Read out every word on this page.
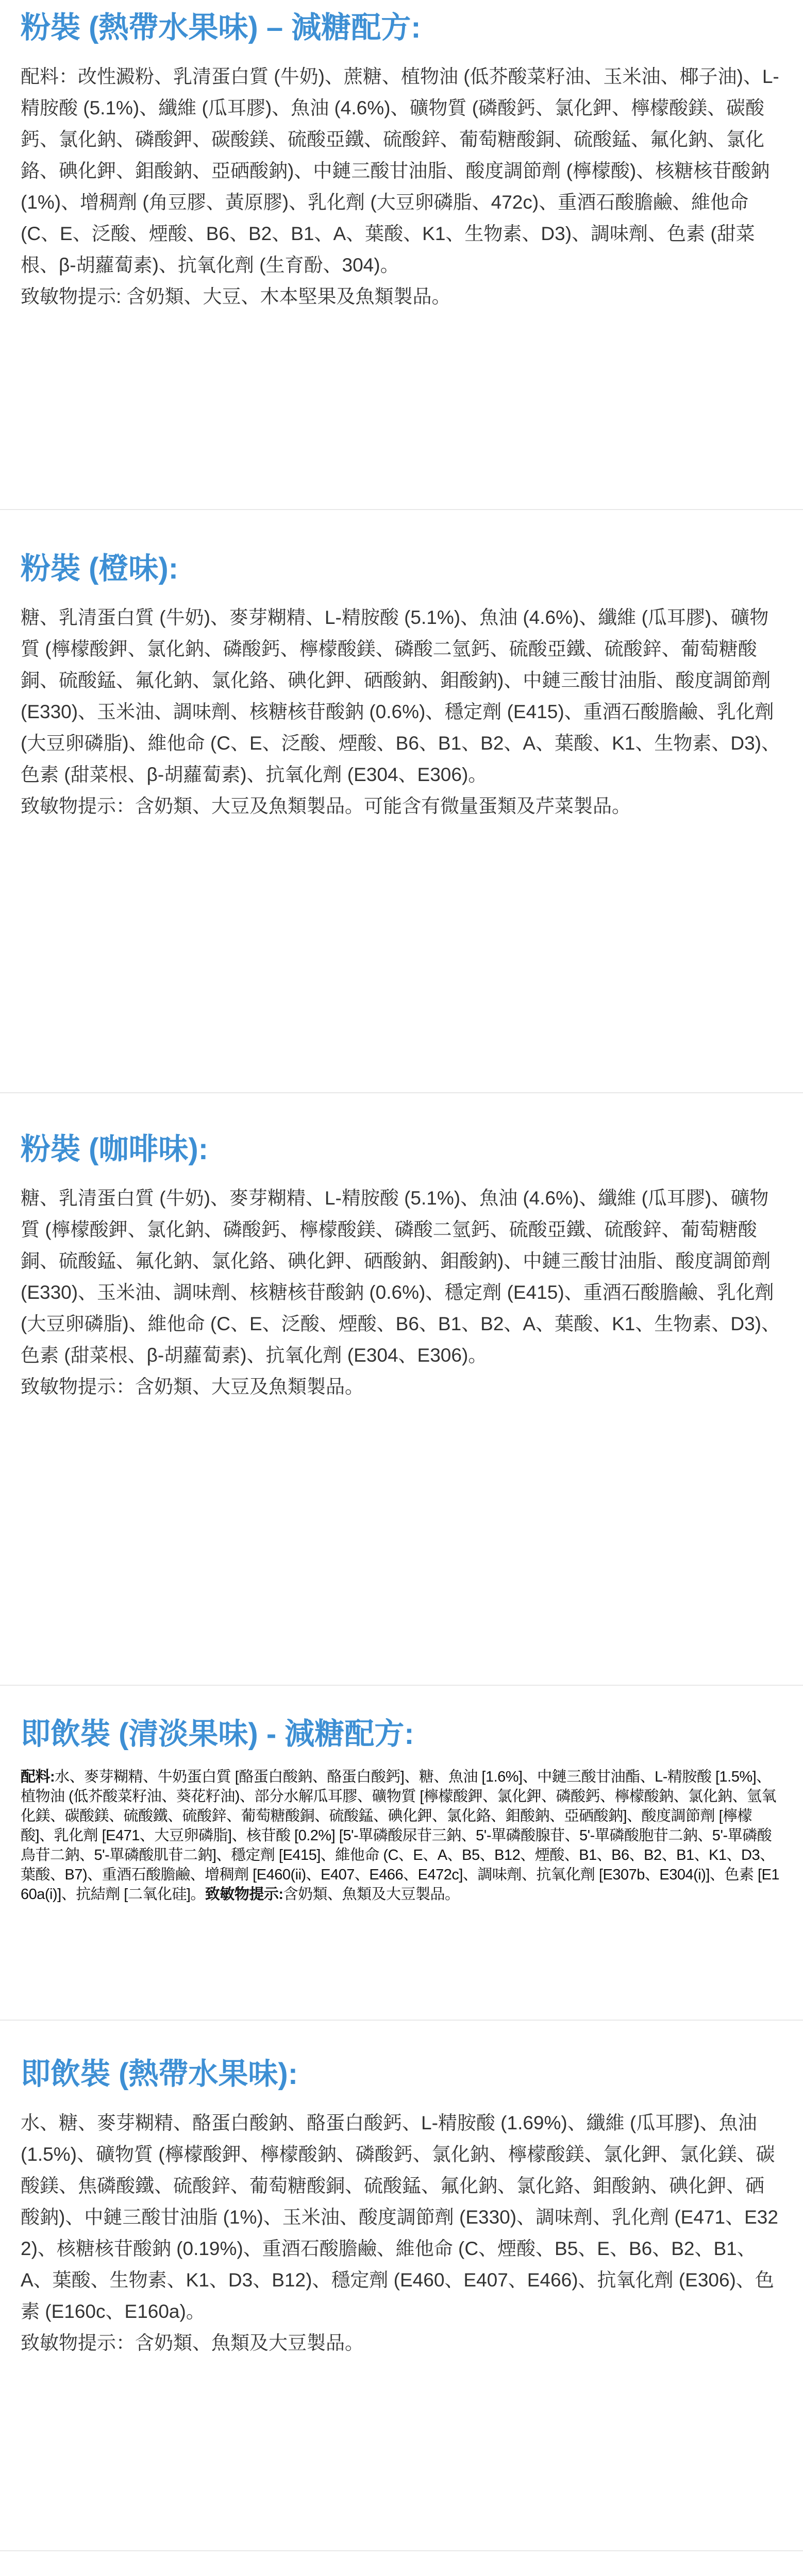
粉裝 (熱帶水果味) – 減糖配方:

配料：改性澱粉、乳清蛋白質 (牛奶)、蔗糖、植物油 (低芥酸菜籽油、玉米油、椰子油)、L-精胺酸 (5.1%)、纖維 (瓜耳膠)、魚油 (4.6%)、礦物質 (磷酸鈣、氯化鉀、檸檬酸鎂、碳酸鈣、氯化鈉、磷酸鉀、碳酸鎂、硫酸亞鐵、硫酸鋅、葡萄糖酸銅、硫酸錳、氟化鈉、氯化鉻、碘化鉀、鉬酸鈉、亞硒酸鈉)、中鏈三酸甘油脂、酸度調節劑 (檸檬酸)、核糖核苷酸鈉 (1%)、增稠劑 (角豆膠、黃原膠)、乳化劑 (大豆卵磷脂、472c)、重酒石酸膽鹼、維他命 (C、E、泛酸、煙酸、B6、B2、B1、A、葉酸、K1、生物素、D3)、調味劑、色素 (甜菜根、β-胡蘿蔔素)、抗氧化劑 (生育酚、304)。

致敏物提示: 含奶類、大豆、木本堅果及魚類製品。

粉裝 (橙味):

糖、乳清蛋白質 (牛奶)、麥芽糊精、L-精胺酸 (5.1%)、魚油 (4.6%)、纖維 (瓜耳膠)、礦物質 (檸檬酸鉀、氯化鈉、磷酸鈣、檸檬酸鎂、磷酸二氫鈣、硫酸亞鐵、硫酸鋅、葡萄糖酸銅、硫酸錳、氟化鈉、氯化鉻、碘化鉀、硒酸鈉、鉬酸鈉)、中鏈三酸甘油脂、酸度調節劑 (E330)、玉米油、調味劑、核糖核苷酸鈉 (0.6%)、穩定劑 (E415)、重酒石酸膽鹼、乳化劑 (大豆卵磷脂)、維他命 (C、E、泛酸、煙酸、B6、B1、B2、A、葉酸、K1、生物素、D3)、色素 (甜菜根、β-胡蘿蔔素)、抗氧化劑 (E304、E306)。

致敏物提示：含奶類、大豆及魚類製品。可能含有微量蛋類及芹菜製品。

粉裝 (咖啡味):

糖、乳清蛋白質 (牛奶)、麥芽糊精、L-精胺酸 (5.1%)、魚油 (4.6%)、纖維 (瓜耳膠)、礦物質 (檸檬酸鉀、氯化鈉、磷酸鈣、檸檬酸鎂、磷酸二氫鈣、硫酸亞鐵、硫酸鋅、葡萄糖酸銅、硫酸錳、氟化鈉、氯化鉻、碘化鉀、硒酸鈉、鉬酸鈉)、中鏈三酸甘油脂、酸度調節劑 (E330)、玉米油、調味劑、核糖核苷酸鈉 (0.6%)、穩定劑 (E415)、重酒石酸膽鹼、乳化劑 (大豆卵磷脂)、維他命 (C、E、泛酸、煙酸、B6、B1、B2、A、葉酸、K1、生物素、D3)、色素 (甜菜根、β-胡蘿蔔素)、抗氧化劑 (E304、E306)。

致敏物提示：含奶類、大豆及魚類製品。

即飲裝 (清淡果味) - 減糖配方:

配料:水、麥芽糊精、牛奶蛋白質 [酪蛋白酸鈉、酪蛋白酸鈣]、糖、魚油 [1.6%]、中鏈三酸甘油酯、L-精胺酸 [1.5%]、植物油 (低芥酸菜籽油、葵花籽油)、部分水解瓜耳膠、礦物質 [檸檬酸鉀、氯化鉀、磷酸鈣、檸檬酸鈉、氯化鈉、氫氧化鎂、碳酸鎂、硫酸鐵、硫酸鋅、葡萄糖酸銅、硫酸錳、碘化鉀、氯化鉻、鉬酸鈉、亞硒酸鈉]、酸度調節劑 [檸檬酸]、乳化劑 [E471、大豆卵磷脂]、核苷酸 [0.2%] [5'-單磷酸尿苷三鈉、5'-單磷酸腺苷、5'-單磷酸胞苷二鈉、5'-單磷酸鳥苷二鈉、5'-單磷酸肌苷二鈉]、穩定劑 [E415]、維他命 (C、E、A、B5、B12、煙酸、B1、B6、B2、B1、K1、D3、葉酸、B7)、重酒石酸膽鹼、增稠劑 [E460(ii)、E407、E466、E472c]、調味劑、抗氧化劑 [E307b、E304(i)]、色素 [E160a(i)]、抗結劑 [二氧化硅]。致敏物提示:含奶類、魚類及大豆製品。

即飲裝 (熱帶水果味):

水、糖、麥芽糊精、酪蛋白酸鈉、酪蛋白酸鈣、L-精胺酸 (1.69%)、纖維 (瓜耳膠)、魚油 (1.5%)、礦物質 (檸檬酸鉀、檸檬酸鈉、磷酸鈣、氯化鈉、檸檬酸鎂、氯化鉀、氯化鎂、碳酸鎂、焦磷酸鐵、硫酸鋅、葡萄糖酸銅、硫酸錳、氟化鈉、氯化鉻、鉬酸鈉、碘化鉀、硒酸鈉)、中鏈三酸甘油脂 (1%)、玉米油、酸度調節劑 (E330)、調味劑、乳化劑 (E471、E322)、核糖核苷酸鈉 (0.19%)、重酒石酸膽鹼、維他命 (C、煙酸、B5、E、B6、B2、B1、A、葉酸、生物素、K1、D3、B12)、穩定劑 (E460、E407、E466)、抗氧化劑 (E306)、色素 (E160c、E160a)。

致敏物提示：含奶類、魚類及大豆製品。
